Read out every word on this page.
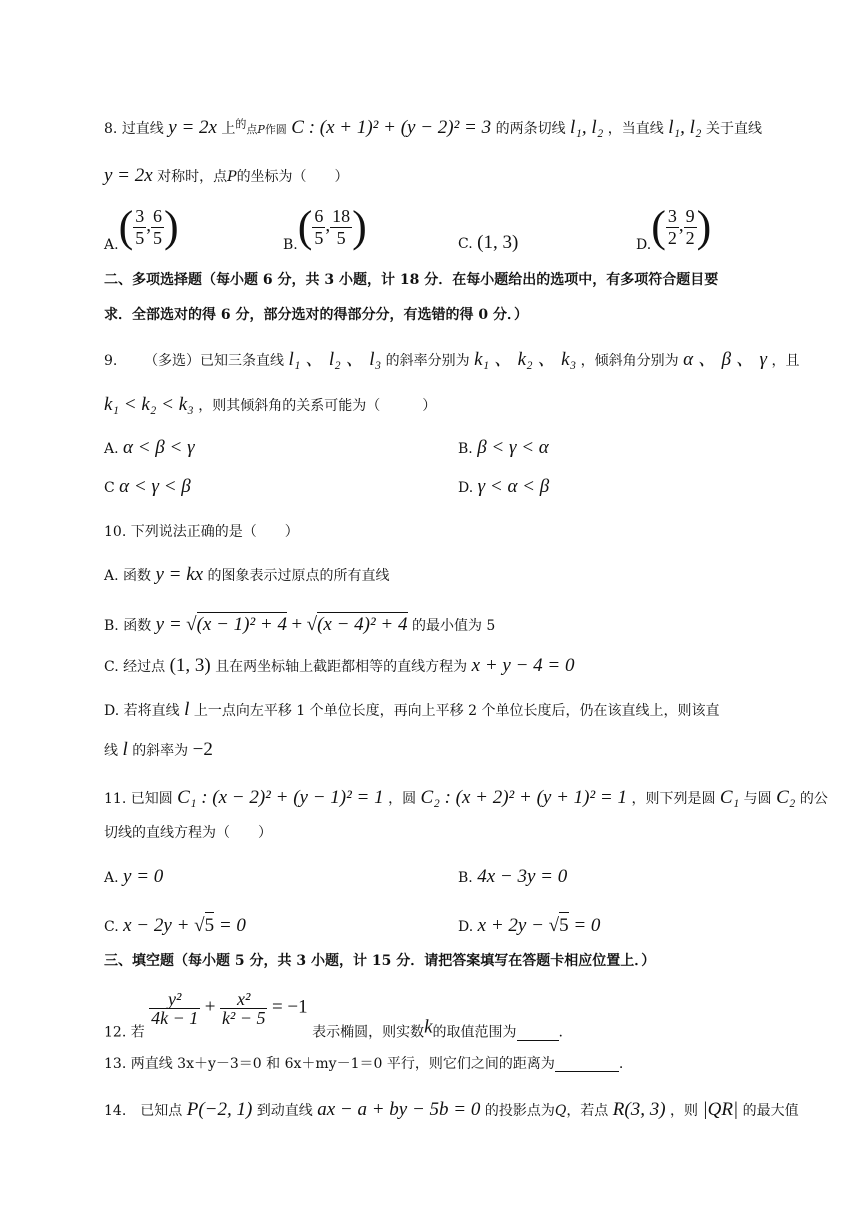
8. 过直线 y = 2x 上$^的$点P作圆 C : (x + 1)² + (y − 2)² = 3 的两条切线 l₁, l₂ ，当直线 l₁, l₂ 关于直线
y = 2x 对称时，点P的坐标为（　　）
$A.( \frac{3}{5}$ , $\frac{6}{5}$ )	$B.( \frac{6}{5}$ , $\frac{18}{5}$ )	C. (1, 3)	$D.( \frac{3}{2}$ , $\frac{9}{2}$ )
二、多项选择题（每小题 6 分，共 3 小题，计 18 分．在每小题给出的选项中，有多项符合题目要
求．全部选对的得 6 分，部分选对的得部分分，有选错的得 0 分．）
9. （多选）已知三条直线 l₁ 、 l₂ 、 l₃ 的斜率分别为 k₁ 、 k₂ 、 k₃ ，倾斜角分别为 α 、 β 、 γ ，且
k₁ < k₂ < k₃ ，则其倾斜角的关系可能为（　　　）
A. α < β < γ	B. β < γ < α
C α < γ < β	D. γ < α < β
10. 下列说法正确的是（　　）
A. 函数 y = kx 的图象表示过原点的所有直线
B. 函数 y = √(x − 1)² + 4 + √(x − 4)² + 4 的最小值为 5
C. 经过点 (1, 3) 且在两坐标轴上截距都相等的直线方程为 x + y − 4 = 0
D. 若将直线 l 上一点向左平移 1 个单位长度，再向上平移 2 个单位长度后，仍在该直线上，则该直
线 l 的斜率为 −2
11. 已知圆 C₁ : (x − 2)² + (y − 1)² = 1 ，圆 C₂ : (x + 2)² + (y + 1)² = 1 ，则下列是圆 C₁ 与圆 C₂ 的公
切线的直线方程为（　　）
A. y = 0	B. 4x − 3y = 0
C. x − 2y + √5 = 0	D. x + 2y − √5 = 0
三、填空题（每小题 5 分，共 3 小题，计 15 分．请把答案填写在答题卡相应位置上．）
12. 若
$\frac{\text{y²}}{4k - 1} + \frac{\text{x²}}{\text{k² − 5}} = -1$ 表示椭圆，则实数k的取值范围为	.
13. 两直线 3x＋y－3＝0 和 6x＋my－1＝0 平行，则它们之间的距离为	.
14.　已知点 P(−2, 1) 到动直线 ax − a + by − 5b = 0 的投影点为Q，若点 R(3, 3) ，则 |QR| 的最大值
